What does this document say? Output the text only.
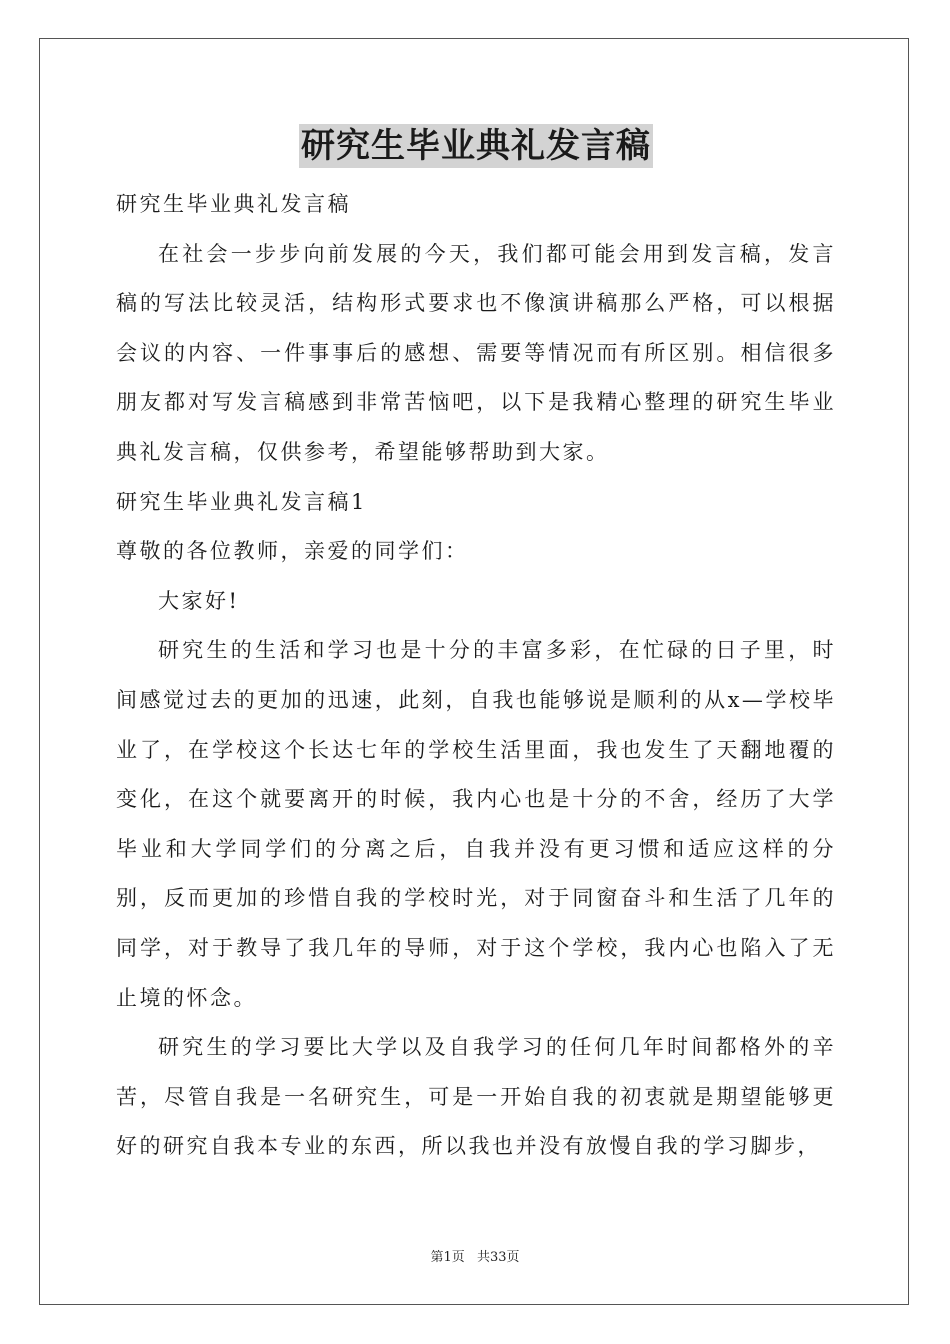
研究生毕业典礼发言稿

研究生毕业典礼发言稿

在社会一步步向前发展的今天，我们都可能会用到发言稿，发言稿的写法比较灵活，结构形式要求也不像演讲稿那么严格，可以根据会议的内容、一件事事后的感想、需要等情况而有所区别。相信很多朋友都对写发言稿感到非常苦恼吧，以下是我精心整理的研究生毕业典礼发言稿，仅供参考，希望能够帮助到大家。

研究生毕业典礼发言稿1

尊敬的各位教师，亲爱的同学们：

大家好!

研究生的生活和学习也是十分的丰富多彩，在忙碌的日子里，时间感觉过去的更加的迅速，此刻，自我也能够说是顺利的从x—学校毕业了，在学校这个长达七年的学校生活里面，我也发生了天翻地覆的变化，在这个就要离开的时候，我内心也是十分的不舍，经历了大学毕业和大学同学们的分离之后，自我并没有更习惯和适应这样的分别，反而更加的珍惜自我的学校时光，对于同窗奋斗和生活了几年的同学，对于教导了我几年的导师，对于这个学校，我内心也陷入了无止境的怀念。

研究生的学习要比大学以及自我学习的任何几年时间都格外的辛苦，尽管自我是一名研究生，可是一开始自我的初衷就是期望能够更好的研究自我本专业的东西，所以我也并没有放慢自我的学习脚步，

第1页 共33页
